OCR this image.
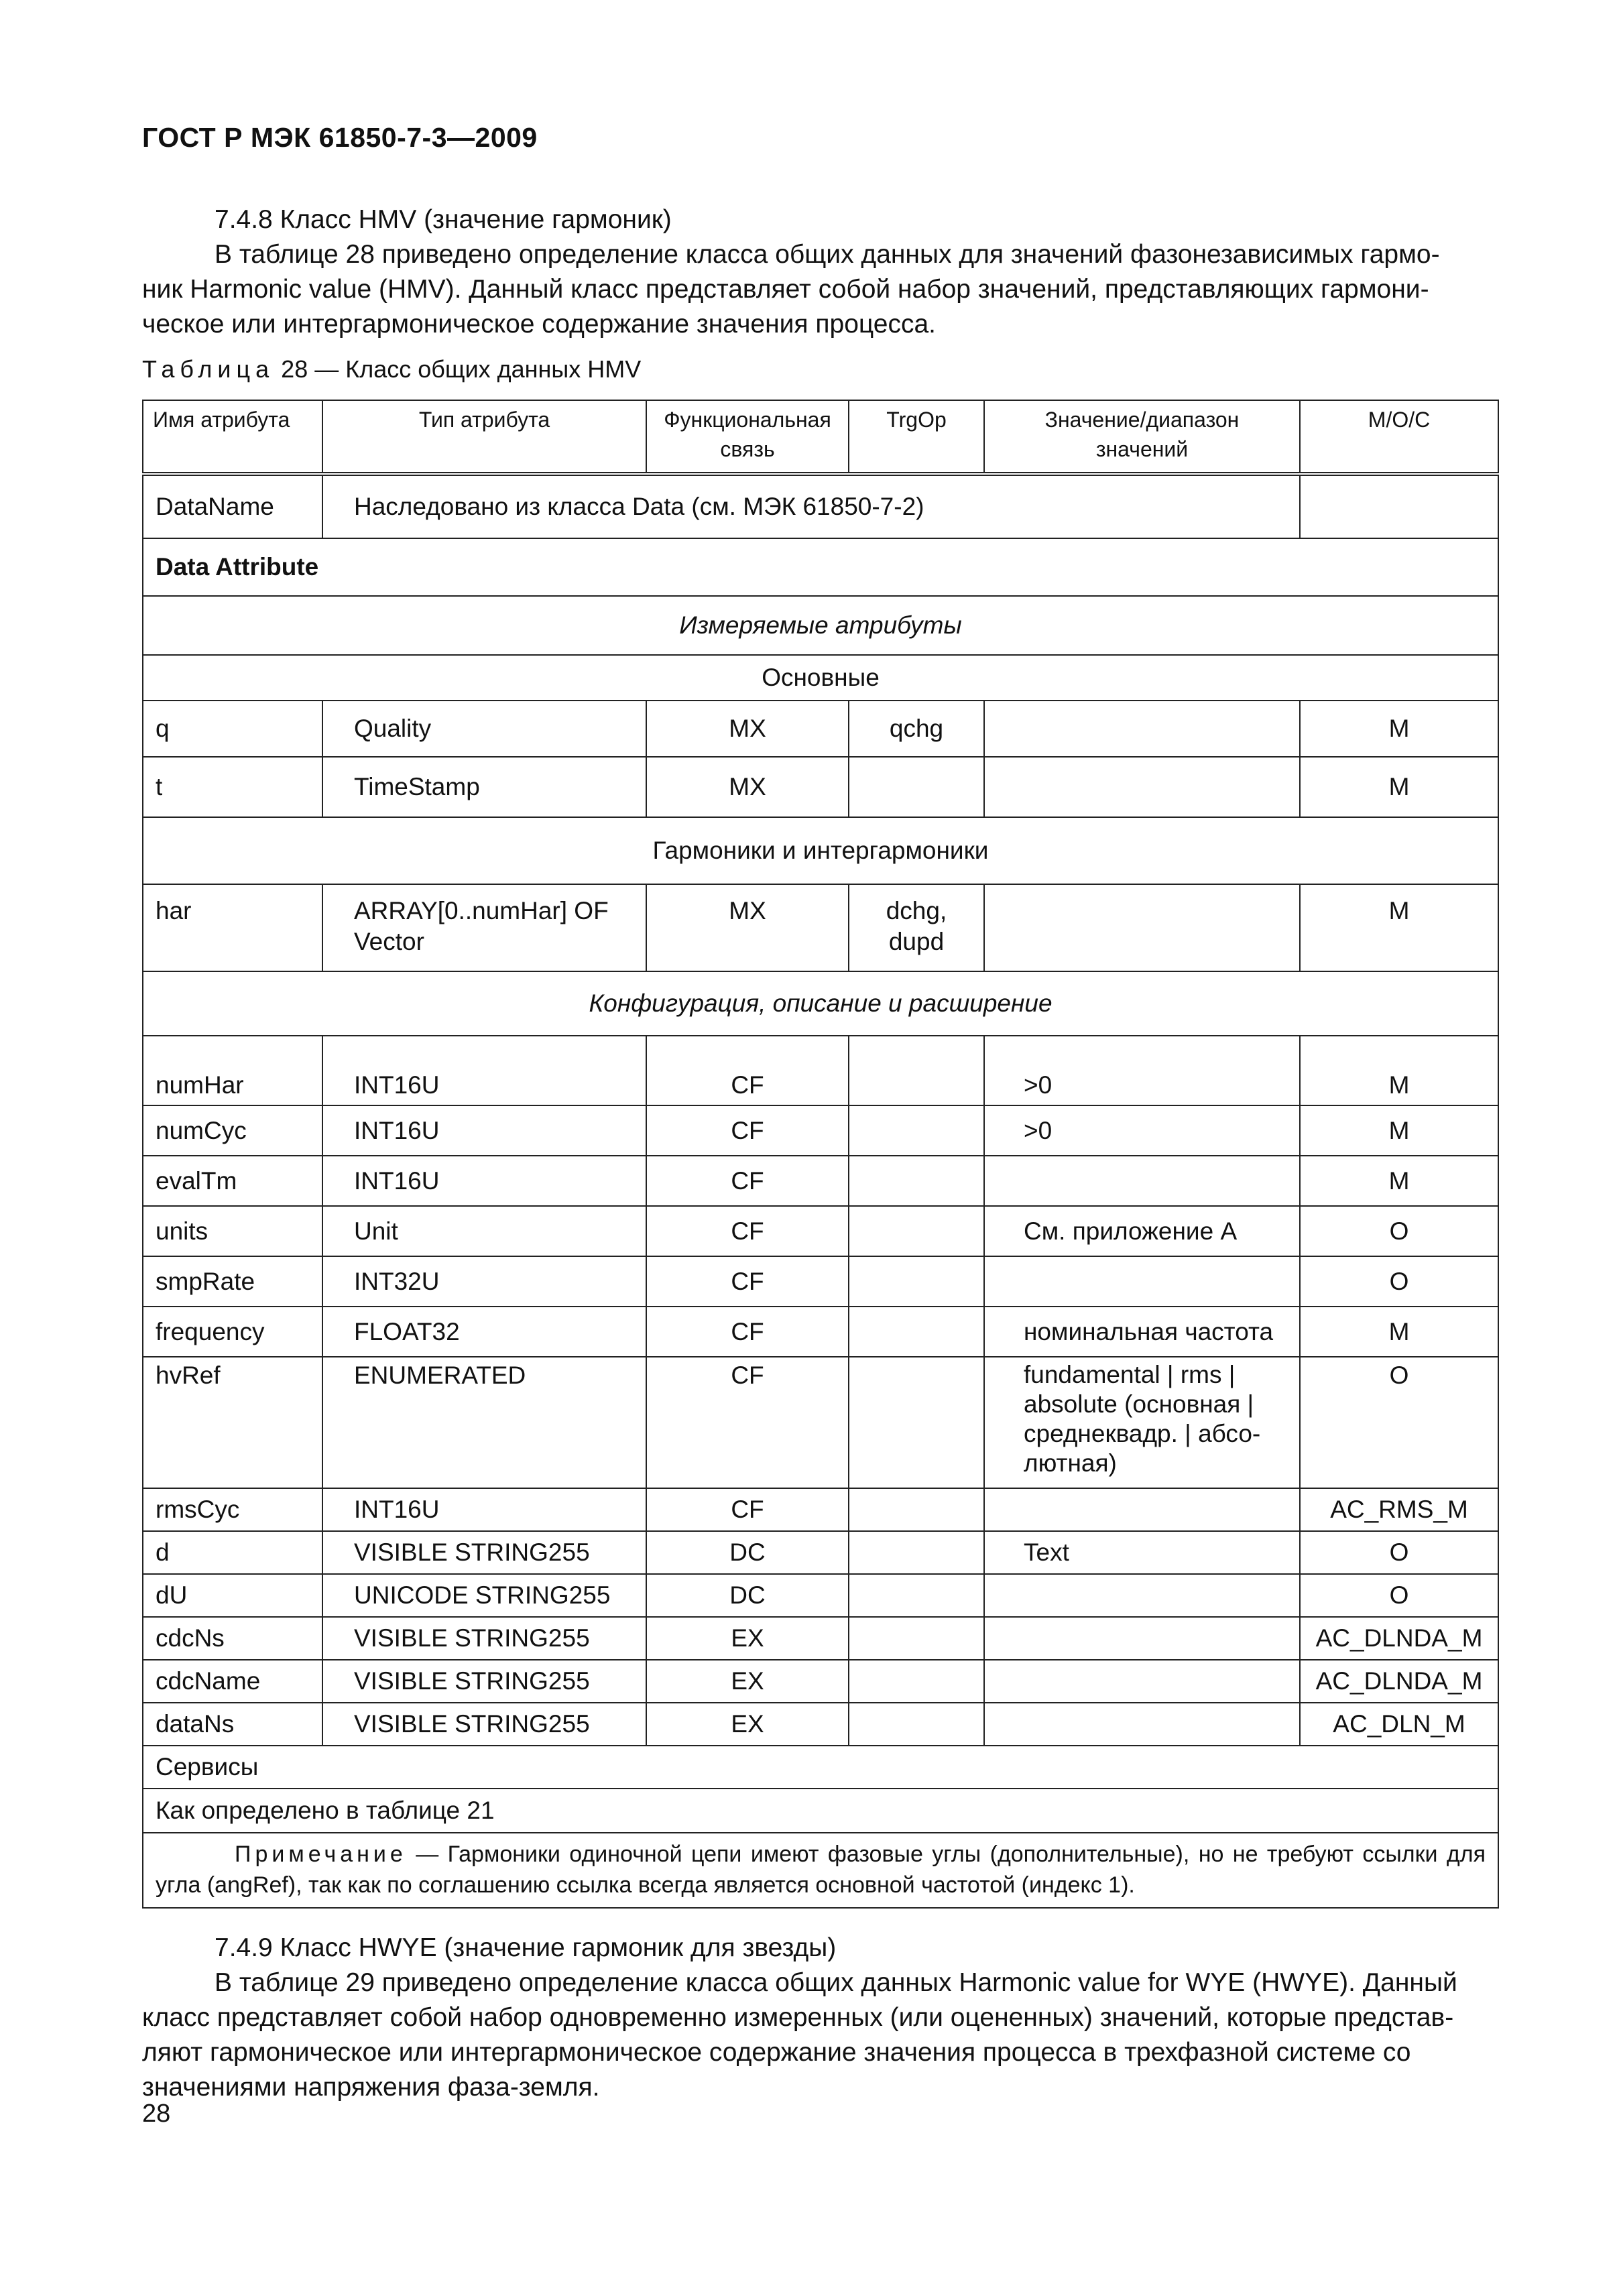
ГОСТ Р МЭК 61850-7-3—2009
7.4.8 Класс HMV (значение гармоник)
В таблице 28 приведено определение класса общих данных для значений фазонезависимых гармо-
ник Harmonic value (HMV). Данный класс представляет собой набор значений, представляющих гармони-
ческое или интергармоническое содержание значения процесса.
Таблица 28 — Класс общих данных HMV
Имя атрибута	Тип атрибута	Функциональная связь	TrgOp	Значение/диапазон значений	M/O/C
DataName	Наследовано из класса Data (см. МЭК 61850-7-2)				
Data Attribute					
Измеряемые атрибуты					
Основные					
q	Quality	MX	qchg		M
t	TimeStamp	MX			M
Гармоники и интергармоники					
har	ARRAY[0..numHar] OF Vector	MX	dchg, dupd		M
Конфигурация, описание и расширение					
numHar	INT16U	CF		>0	M
numCyc	INT16U	CF		>0	M
evalTm	INT16U	CF			M
units	Unit	CF		См. приложение А	O
smpRate	INT32U	CF			O
frequency	FLOAT32	CF		номинальная частота	M
hvRef	ENUMERATED	CF		fundamental | rms | absolute (основная | среднеквадр. | абсо-лютная)	O
rmsCyc	INT16U	CF			AC_RMS_M
d	VISIBLE STRING255	DC		Text	O
dU	UNICODE STRING255	DC			O
cdcNs	VISIBLE STRING255	EX			AC_DLNDA_M
cdcName	VISIBLE STRING255	EX			AC_DLNDA_M
dataNs	VISIBLE STRING255	EX			AC_DLN_M
Сервисы					
Как определено в таблице 21					
Примечание — Гармоники одиночной цепи имеют фазовые углы (дополнительные), но не требуют ссылки для угла (angRef), так как по соглашению ссылка всегда является основной частотой (индекс 1).					
7.4.9 Класс HWYE (значение гармоник для звезды)
В таблице 29 приведено определение класса общих данных Harmonic value for WYE (HWYE). Данный
класс представляет собой набор одновременно измеренных (или оцененных) значений, которые представ-
ляют гармоническое или интергармоническое содержание значения процесса в трехфазной системе со
значениями напряжения фаза-земля.
28
